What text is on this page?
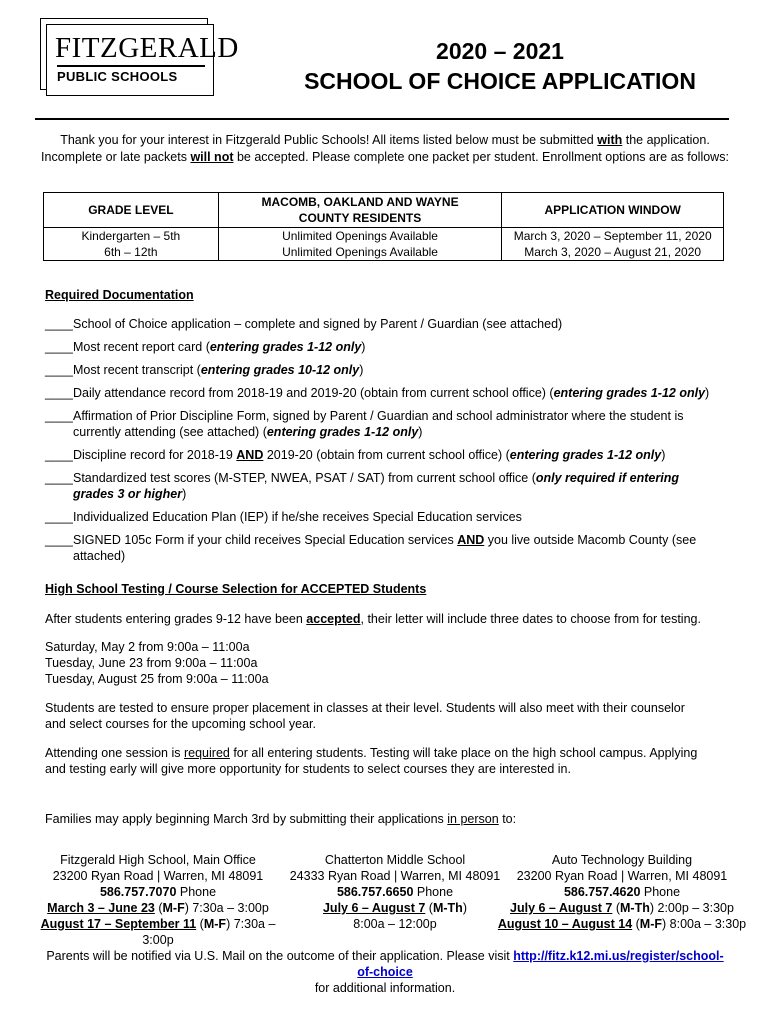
FITZGERALD
PUBLIC SCHOOLS
2020 – 2021
SCHOOL OF CHOICE APPLICATION
Thank you for your interest in Fitzgerald Public Schools! All items listed below must be submitted with the application. Incomplete or late packets will not be accepted. Please complete one packet per student. Enrollment options are as follows:
GRADE LEVEL	MACOMB, OAKLAND AND WAYNE COUNTY RESIDENTS	APPLICATION WINDOW
Kindergarten – 5th	Unlimited Openings Available	March 3, 2020 – September 11, 2020
6th – 12th	Unlimited Openings Available	March 3, 2020 – August 21, 2020

Required Documentation

____ School of Choice application – complete and signed by Parent / Guardian (see attached)
____ Most recent report card (entering grades 1-12 only)
____ Most recent transcript (entering grades 10-12 only)
____ Daily attendance record from 2018-19 and 2019-20 (obtain from current school office) (entering grades 1-12 only)
____ Affirmation of Prior Discipline Form, signed by Parent / Guardian and school administrator where the student is currently attending (see attached) (entering grades 1-12 only)
____ Discipline record for 2018-19 AND 2019-20 (obtain from current school office) (entering grades 1-12 only)
____ Standardized test scores (M-STEP, NWEA, PSAT / SAT) from current school office (only required if entering grades 3 or higher)
____ Individualized Education Plan (IEP) if he/she receives Special Education services
____ SIGNED 105c Form if your child receives Special Education services AND you live outside Macomb County (see attached)

High School Testing / Course Selection for ACCEPTED Students

After students entering grades 9-12 have been accepted, their letter will include three dates to choose from for testing.

Saturday, May 2 from 9:00a – 11:00a

Tuesday, June 23 from 9:00a – 11:00a

Tuesday, August 25 from 9:00a – 11:00a

Students are tested to ensure proper placement in classes at their level. Students will also meet with their counselor and select courses for the upcoming school year.

Attending one session is required for all entering students. Testing will take place on the high school campus. Applying and testing early will give more opportunity for students to select courses they are interested in.

Families may apply beginning March 3rd by submitting their applications in person to:

Fitzgerald High School, Main Office
23200 Ryan Road | Warren, MI 48091
586.757.7070 Phone
March 3 – June 23 (M-F) 7:30a – 3:00p
August 17 – September 11 (M-F) 7:30a – 3:00p
Chatterton Middle School
24333 Ryan Road | Warren, MI 48091
586.757.6650 Phone
July 6 – August 7 (M-Th)
8:00a – 12:00p
Auto Technology Building
23200 Ryan Road | Warren, MI 48091
586.757.4620 Phone
July 6 – August 7 (M-Th) 2:00p – 3:30p
August 10 – August 14 (M-F) 8:00a – 3:30p
Parents will be notified via U.S. Mail on the outcome of their application. Please visit http://fitz.k12.mi.us/register/school-of-choice
for additional information.
